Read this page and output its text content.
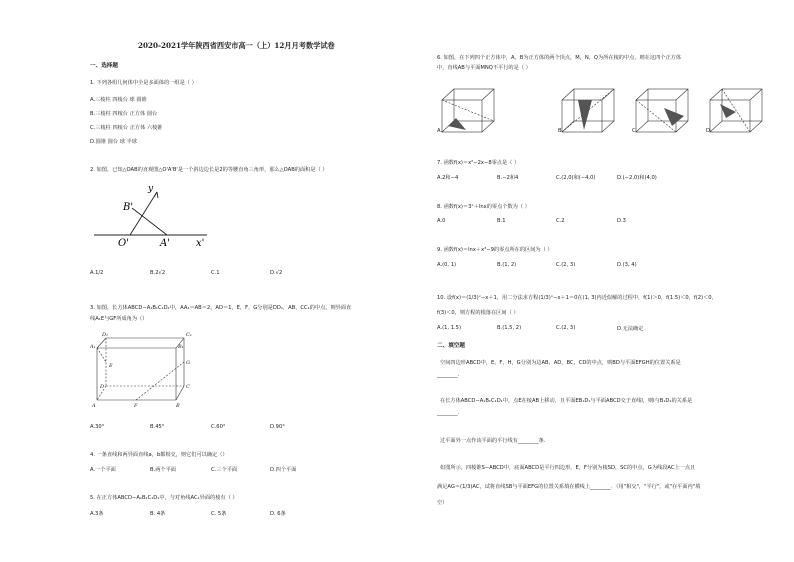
2020-2021学年陕西省西安市高一（上）12月月考数学试卷
一、选择题
1. 下列各组几何体中全是多面体的一组是（ ）
A.三棱柱 四棱台 球 圆锥
B.三棱柱 四棱台 正方体 圆台
C.三棱柱 四棱台 正方体 六棱锥
D.圆锥 圆台 球 半球
2. 如图，已知△OAB的直观图△O'A'B'是一个斜边边长是2的等腰直角三角形，那么△OAB的面积是（ ）
y
B'
O'	A'	x'
A.1/2	B.2√2	C.1	D.√2
3. 如图，长方体ABCD−A₁B₁C₁D₁中，AA₁＝AB＝2，AD＝1，E，F，G分别是DD₁，AB，CC₁的中点，则异面直
线A₁E与GF所成角为（）
D₁	C₁
A₁	B₁
E	G
D	C
A	F	B
A.30°	B.45°	C.60°	D.90°
4. 一条直线和两异面直线a，b都相交，则它们可以确定（）
A.一个平面	B.两个平面	C.三个平面	D.四个平面
5. 在正方体ABCD−A₁B₁C₁D₁中，与对角线AC₁异面的棱有（ ）
A.3条	B. 4条	C. 5条	D. 6条
6. 如图，在下列四个正方体中，A，B为正方体的两个顶点，M，N，Q为所在棱的中点，则在这四个正方体
中，直线AB与平面MNQ不平行的是（ ）
A.	B.	C.	D.
7. 函数f(x)＝x²−2x−8零点是（ ）
A.2和−4	B.−2和4	C.(2,0)和(−4,0)	D.(−2,0)和(4,0)
8. 函数f(x)＝3ˣ＋lnx的零点个数为（ ）
A.0	B.1	C.2	D.3
9. 函数f(x)＝lnx＋x³−9的零点所在的区间为（ ）
A.(0, 1)	B.(1, 2)	C.(2, 3)	D.(3, 4)
10. 设f(x)＝(1/3)ˣ−x＋1，用二分法求方程(1/3)ˣ−x＋1＝0在(1, 3)内近似解的过程中，f(1)＞0，f(1.5)＜0，f(2)＜0，
f(3)＜0，则方程的根落在区间（ ）
A.(1, 1.5)	B.(1.5, 2)	C.(2, 3)	D.无法确定
二、填空题
空间四边形ABCD中，E，F，H，G分别为边AB，AD，BC，CD的中点，则BD与平面EFGH的位置关系是
________.
在长方体ABCD−A₁B₁C₁D₁中，点E在棱AB上移动，且平面EB₁D₁与平面ABCD交于直线l，则l与B₁D₁的关系是
________.
过平面外一点作该平面的平行线有________条.
如图所示，四棱锥S−ABCD中，底面ABCD是平行四边形，E，F分别为棱SD，SC的中点，G为线段AC上一点且
满足AG＝(1/3)AC，试将直线SB与平面EFG的位置关系填在横线上________．（用"相交"，"平行"，或"在平面内"填
空）
